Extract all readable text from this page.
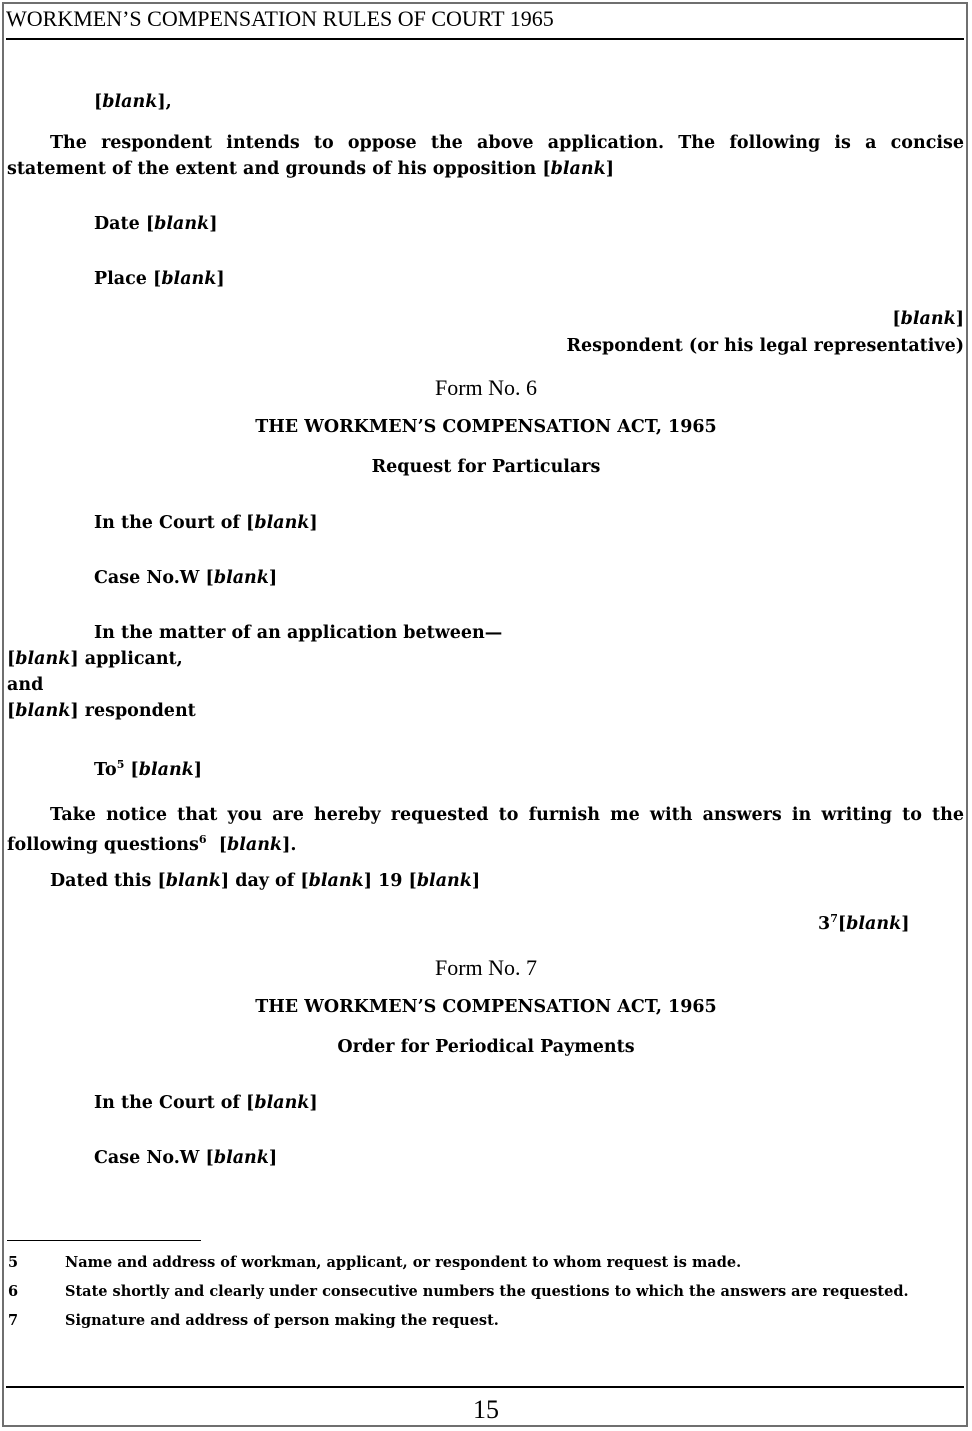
WORKMEN’S COMPENSATION RULES OF COURT 1965
[blank],
The respondent intends to oppose the above application. The following is a concise statement of the extent and grounds of his opposition [blank]
Date [blank]
Place [blank]
[blank]
Respondent (or his legal representative)
Form No. 6
THE WORKMEN’S COMPENSATION ACT, 1965
Request for Particulars
In the Court of [blank]
Case No.W [blank]
In the matter of an application between—
[blank] applicant,
and
[blank] respondent
To$^5$ [blank]
Take notice that you are hereby requested to furnish me with answers in writing to the following questions$^6$  [blank].
Dated this [blank] day of [blank] 19 [blank]
$3^7[blank]$
Form No. 7
THE WORKMEN’S COMPENSATION ACT, 1965
Order for Periodical Payments
In the Court of [blank]
Case No.W [blank]
5	Name and address of workman, applicant, or respondent to whom request is made.
6	State shortly and clearly under consecutive numbers the questions to which the answers are requested.
7	Signature and address of person making the request.
15
